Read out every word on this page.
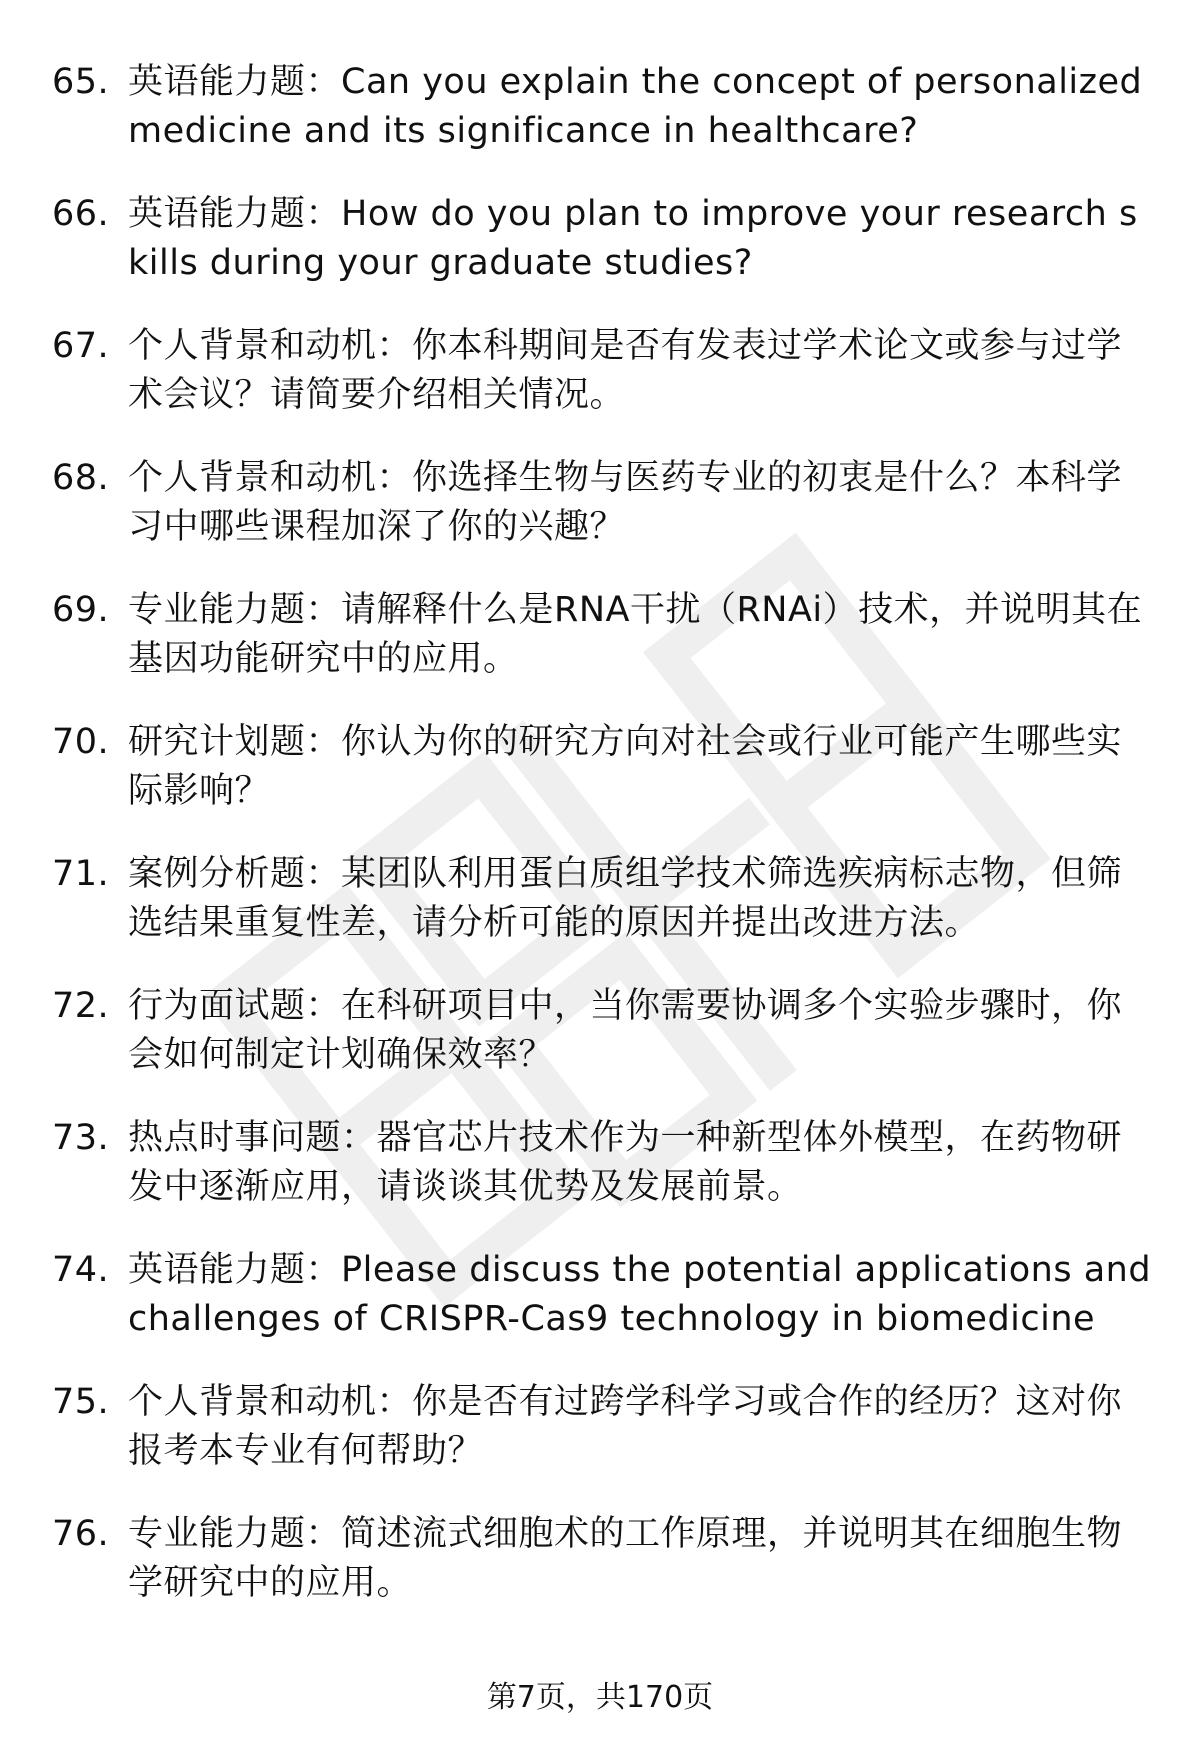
65. 英语能力题：Can you explain the concept of personalized medicine and its significance in healthcare?
66. 英语能力题：How do you plan to improve your research skills during your graduate studies?
67. 个人背景和动机：你本科期间是否有发表过学术论文或参与过学术会议？请简要介绍相关情况。
68. 个人背景和动机：你选择生物与医药专业的初衷是什么？本科学习中哪些课程加深了你的兴趣？
69. 专业能力题：请解释什么是RNA干扰（RNAi）技术，并说明其在基因功能研究中的应用。
70. 研究计划题：你认为你的研究方向对社会或行业可能产生哪些实际影响？
71. 案例分析题：某团队利用蛋白质组学技术筛选疾病标志物，但筛选结果重复性差，请分析可能的原因并提出改进方法。
72. 行为面试题：在科研项目中，当你需要协调多个实验步骤时，你会如何制定计划确保效率？
73. 热点时事问题：器官芯片技术作为一种新型体外模型，在药物研发中逐渐应用，请谈谈其优势及发展前景。
74. 英语能力题：Please discuss the potential applications and challenges of CRISPR-Cas9 technology in biomedicine
75. 个人背景和动机：你是否有过跨学科学习或合作的经历？这对你报考本专业有何帮助？
76. 专业能力题：简述流式细胞术的工作原理，并说明其在细胞生物学研究中的应用。
第7页，共170页
